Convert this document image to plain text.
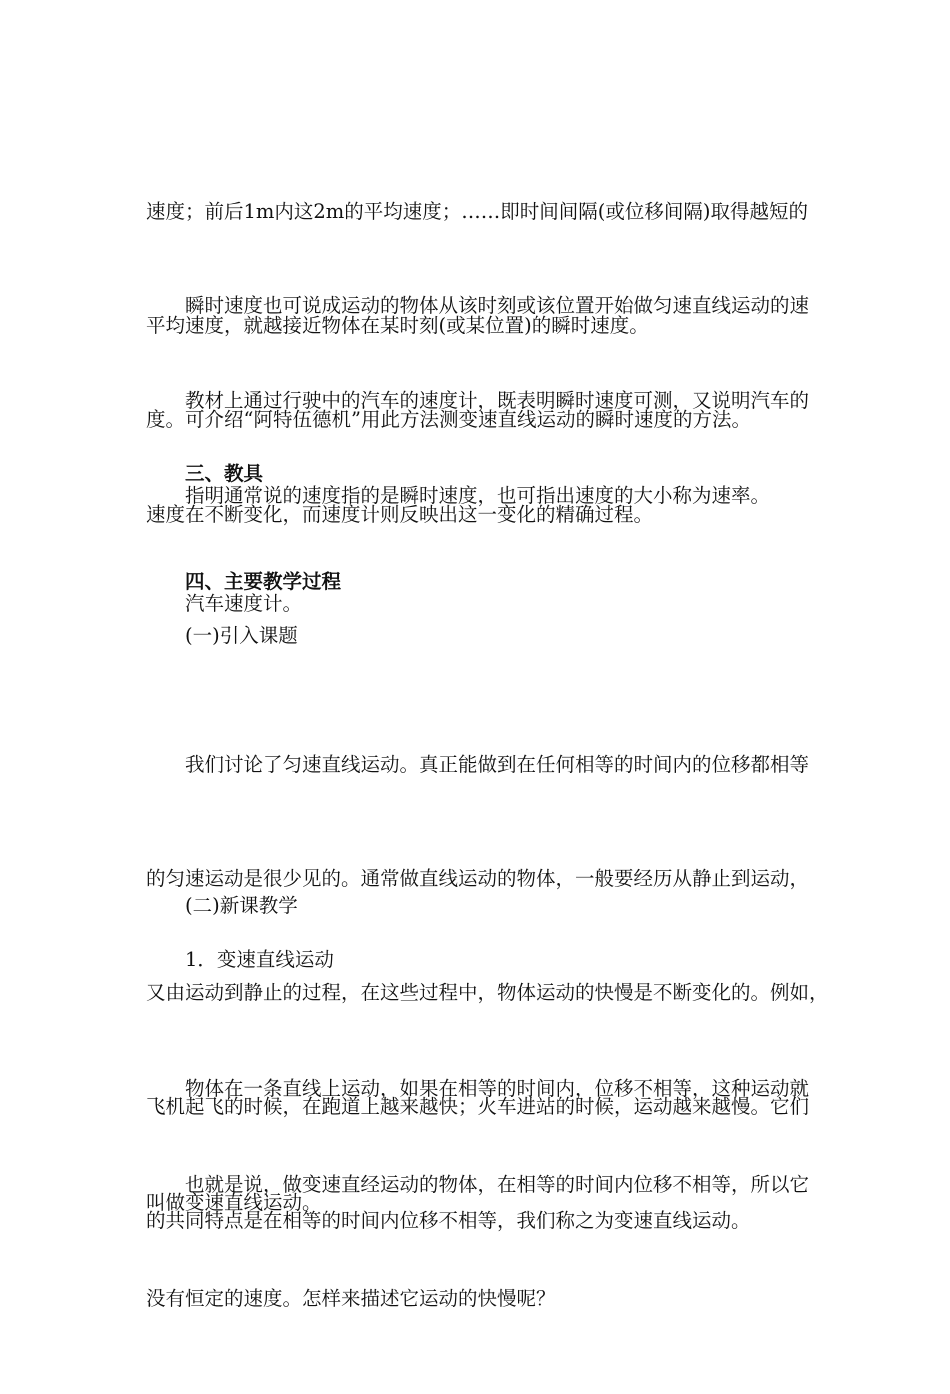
速度；前后1m内这2m的平均速度；……即时间间隔(或位移间隔)取得越短的

平均速度，就越接近物体在某时刻(或某位置)的瞬时速度。

瞬时速度也可说成运动的物体从该时刻或该位置开始做匀速直线运动的速

度。可介绍“阿特伍德机”用此方法测变速直线运动的瞬时速度的方法。

教材上通过行驶中的汽车的速度计，既表明瞬时速度可测，又说明汽车的

速度在不断变化，而速度计则反映出这一变化的精确过程。

指明通常说的速度指的是瞬时速度，也可指出速度的大小称为速率。

三、教具

汽车速度计。

四、主要教学过程
(一)引入课题

我们讨论了匀速直线运动。真正能做到在任何相等的时间内的位移都相等

的匀速运动是很少见的。通常做直线运动的物体，一般要经历从静止到运动，

又由运动到静止的过程，在这些过程中，物体运动的快慢是不断变化的。例如，

飞机起飞的时候，在跑道上越来越快；火车进站的时候，运动越来越慢。它们

的共同特点是在相等的时间内位移不相等，我们称之为变速直线运动。

(二)新课教学
1．变速直线运动

物体在一条直线上运动，如果在相等的时间内，位移不相等，这种运动就

叫做变速直线运动。

也就是说，做变速直经运动的物体，在相等的时间内位移不相等，所以它

没有恒定的速度。怎样来描述它运动的快慢呢？
